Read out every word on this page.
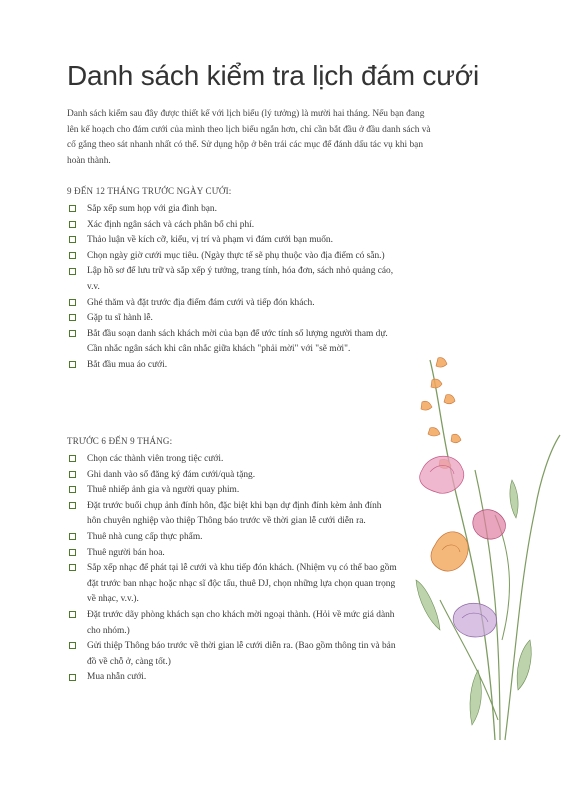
Danh sách kiểm tra lịch đám cưới

Danh sách kiểm sau đây được thiết kế với lịch biểu (lý tưởng) là mười hai tháng. Nếu bạn đang lên kế hoạch cho đám cưới của mình theo lịch biểu ngắn hơn, chỉ cần bắt đầu ở đầu danh sách và cố gắng theo sát nhanh nhất có thể. Sử dụng hộp ở bên trái các mục để đánh dấu tác vụ khi bạn hoàn thành.

9 ĐẾN 12 THÁNG TRƯỚC NGÀY CƯỚI:
Sắp xếp sum họp với gia đình bạn.
Xác định ngân sách và cách phân bổ chi phí.
Thảo luận về kích cỡ, kiểu, vị trí và phạm vi đám cưới bạn muốn.
Chọn ngày giờ cưới mục tiêu. (Ngày thực tế sẽ phụ thuộc vào địa điểm có sẵn.)
Lập hồ sơ để lưu trữ và sắp xếp ý tưởng, trang tính, hóa đơn, sách nhỏ quảng cáo, v.v.
Ghé thăm và đặt trước địa điểm đám cưới và tiếp đón khách.
Gặp tu sĩ hành lễ.
Bắt đầu soạn danh sách khách mời của bạn để ước tính số lượng người tham dự. Cần nhắc ngân sách khi cân nhắc giữa khách "phải mời" với "sẽ mời".
Bắt đầu mua áo cưới.
TRƯỚC 6 ĐẾN 9 THÁNG:
Chọn các thành viên trong tiệc cưới.
Ghi danh vào sổ đăng ký đám cưới/quà tặng.
Thuê nhiếp ảnh gia và người quay phim.
Đặt trước buổi chụp ảnh đính hôn, đặc biệt khi bạn dự định đính kèm ảnh đính hôn chuyên nghiệp vào thiệp Thông báo trước về thời gian lễ cưới diễn ra.
Thuê nhà cung cấp thực phẩm.
Thuê người bán hoa.
Sắp xếp nhạc để phát tại lễ cưới và khu tiếp đón khách. (Nhiệm vụ có thể bao gồm đặt trước ban nhạc hoặc nhạc sĩ độc tấu, thuê DJ, chọn những lựa chọn quan trọng về nhạc, v.v.).
Đặt trước dãy phòng khách sạn cho khách mời ngoại thành. (Hỏi về mức giá dành cho nhóm.)
Gửi thiệp Thông báo trước về thời gian lễ cưới diễn ra. (Bao gồm thông tin và bản đồ về chỗ ở, càng tốt.)
Mua nhẫn cưới.
